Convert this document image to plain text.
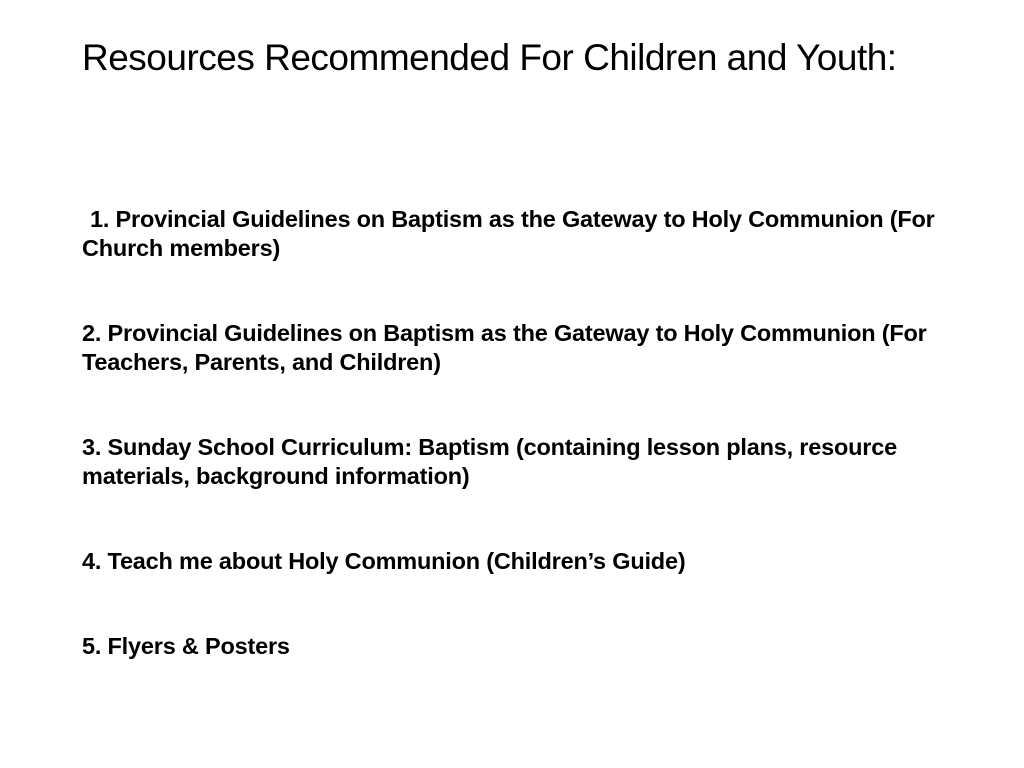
Resources Recommended For Children and Youth:
1. Provincial Guidelines on Baptism as the Gateway to Holy Communion (For Church members)
2. Provincial Guidelines on Baptism as the Gateway to Holy Communion (For Teachers, Parents, and Children)
3. Sunday School Curriculum: Baptism (containing lesson plans, resource materials, background information)
4. Teach me about Holy Communion (Children’s Guide)
5. Flyers & Posters
